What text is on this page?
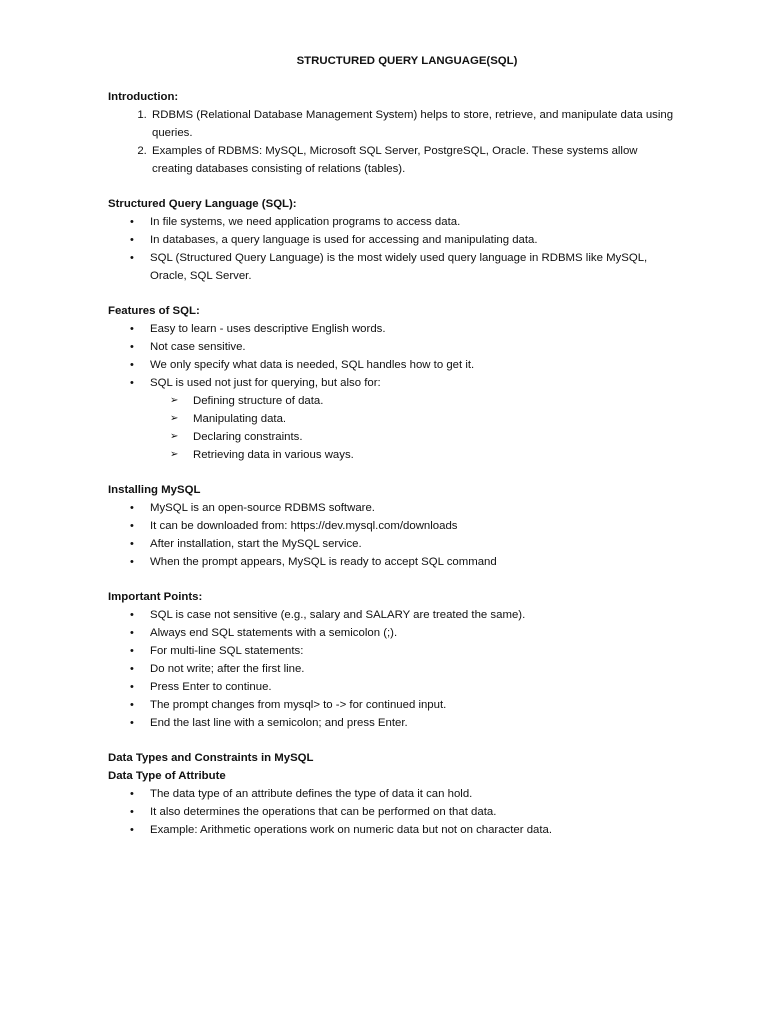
STRUCTURED QUERY LANGUAGE(SQL)
Introduction:
1. RDBMS (Relational Database Management System) helps to store, retrieve, and manipulate data using queries.
2. Examples of RDBMS: MySQL, Microsoft SQL Server, PostgreSQL, Oracle. These systems allow creating databases consisting of relations (tables).
Structured Query Language (SQL):
• In file systems, we need application programs to access data.
• In databases, a query language is used for accessing and manipulating data.
• SQL (Structured Query Language) is the most widely used query language in RDBMS like MySQL, Oracle, SQL Server.
Features of SQL:
• Easy to learn - uses descriptive English words.
• Not case sensitive.
• We only specify what data is needed, SQL handles how to get it.
• SQL is used not just for querying, but also for:
➢ Defining structure of data.
➢ Manipulating data.
➢ Declaring constraints.
➢ Retrieving data in various ways.
Installing MySQL
• MySQL is an open-source RDBMS software.
• It can be downloaded from: https://dev.mysql.com/downloads
• After installation, start the MySQL service.
• When the prompt appears, MySQL is ready to accept SQL command
Important Points:
• SQL is case not sensitive (e.g., salary and SALARY are treated the same).
• Always end SQL statements with a semicolon (;).
• For multi-line SQL statements:
• Do not write; after the first line.
• Press Enter to continue.
• The prompt changes from mysql> to -> for continued input.
• End the last line with a semicolon; and press Enter.
Data Types and Constraints in MySQL
Data Type of Attribute
• The data type of an attribute defines the type of data it can hold.
• It also determines the operations that can be performed on that data.
• Example: Arithmetic operations work on numeric data but not on character data.
